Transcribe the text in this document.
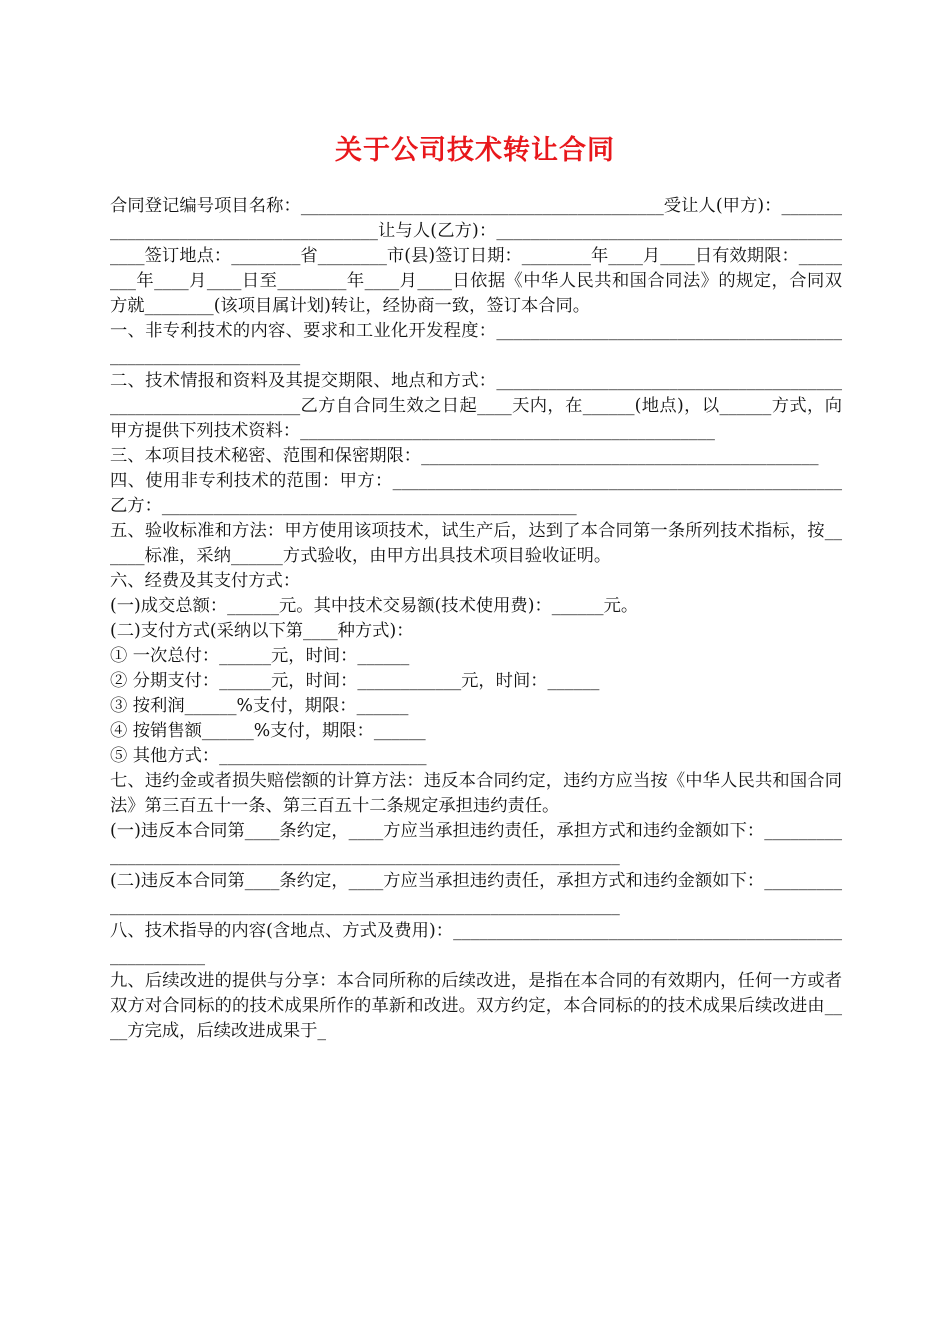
关于公司技术转让合同

合同登记编号项目名称：__________________________________________受让人(甲方)：______________________________________让与人(乙方)：____________________________________________签订地点：________省________市(县)签订日期：________年____月____日有效期限：________年____月____日至________年____月____日依据《中华人民共和国合同法》的规定，合同双方就________(该项目属计划)转让，经协商一致，签订本合同。

一、非专利技术的内容、要求和工业化开发程度：______________________________________________________________

二、技术情报和资料及其提交期限、地点和方式：______________________________________________________________乙方自合同生效之日起____天内，在______(地点)，以______方式，向甲方提供下列技术资料：________________________________________________

三、本项目技术秘密、范围和保密期限：______________________________________________

四、使用非专利技术的范围：甲方：____________________________________________________乙方：________________________________________________

五、验收标准和方法：甲方使用该项技术，试生产后，达到了本合同第一条所列技术指标，按______标准，采纳______方式验收，由甲方出具技术项目验收证明。

六、经费及其支付方式：

(一)成交总额：______元。其中技术交易额(技术使用费)：______元。

(二)支付方式(采纳以下第____种方式)：

① 一次总付：______元，时间：______

② 分期支付：______元，时间：____________元，时间：______

③ 按利润______%支付，期限：______

④ 按销售额______%支付，期限：______

⑤ 其他方式：________________________

七、违约金或者损失赔偿额的计算方法：违反本合同约定，违约方应当按《中华人民共和国合同法》第三百五十一条、第三百五十二条规定承担违约责任。

(一)违反本合同第____条约定，____方应当承担违约责任，承担方式和违约金额如下：____________________________________________________________________

(二)违反本合同第____条约定，____方应当承担违约责任，承担方式和违约金额如下：____________________________________________________________________

八、技术指导的内容(含地点、方式及费用)：________________________________________________________

九、后续改进的提供与分享：本合同所称的后续改进，是指在本合同的有效期内，任何一方或者双方对合同标的的技术成果所作的革新和改进。双方约定，本合同标的的技术成果后续改进由____方完成，后续改进成果于_
